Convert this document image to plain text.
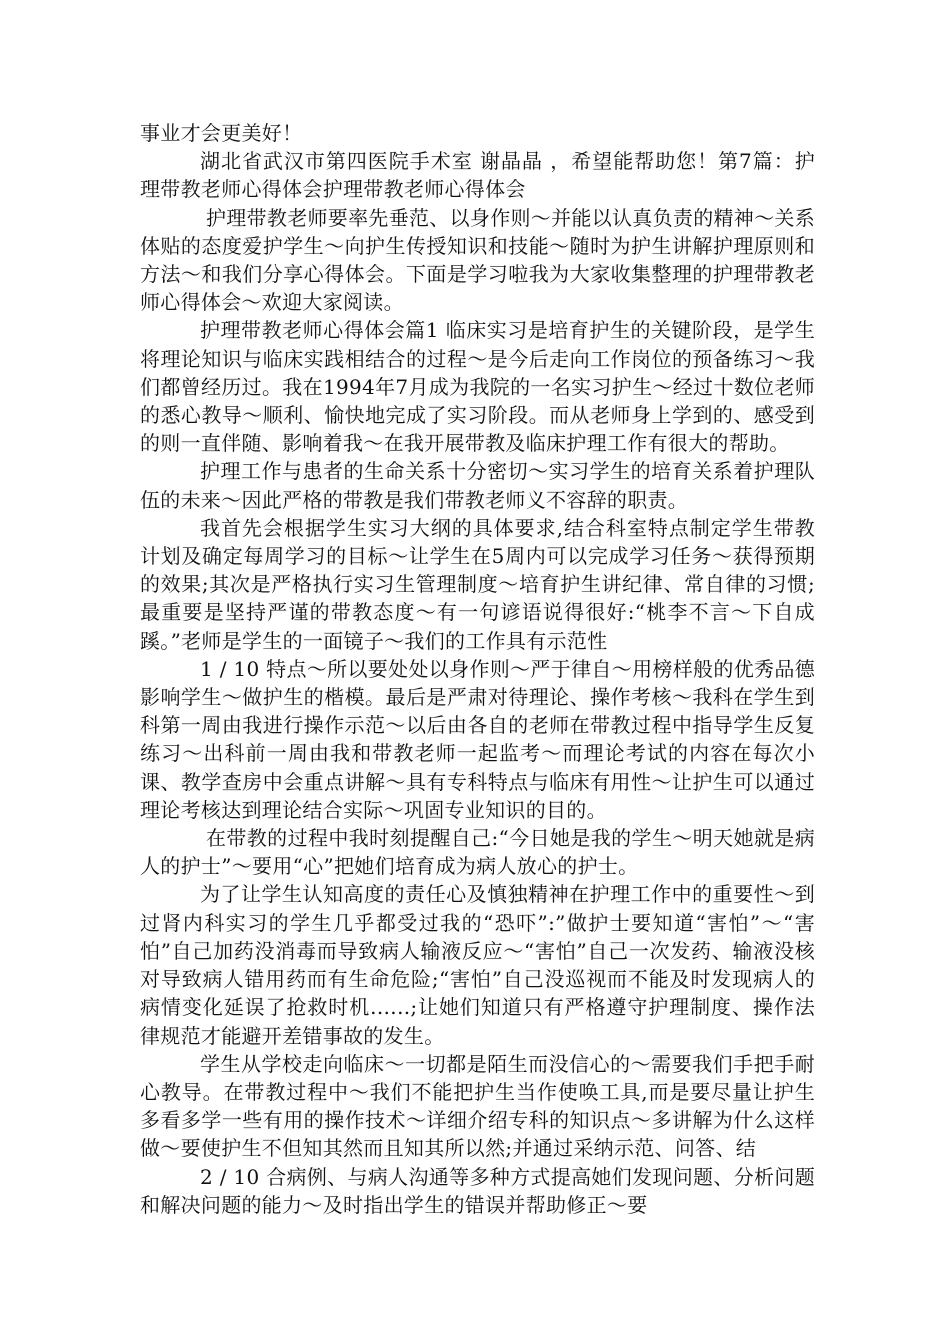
事业才会更美好！

湖北省武汉市第四医院手术室 谢晶晶 ，希望能帮助您！第7篇：护理带教老师心得体会护理带教老师心得体会

护理带教老师要率先垂范、以身作则～并能以认真负责的精神～关系体贴的态度爱护学生～向护生传授知识和技能～随时为护生讲解护理原则和方法～和我们分享心得体会。下面是学习啦我为大家收集整理的护理带教老师心得体会～欢迎大家阅读。

护理带教老师心得体会篇1 临床实习是培育护生的关键阶段，是学生将理论知识与临床实践相结合的过程～是今后走向工作岗位的预备练习～我们都曾经历过。我在1994年7月成为我院的一名实习护生～经过十数位老师的悉心教导～顺利、愉快地完成了实习阶段。而从老师身上学到的、感受到的则一直伴随、影响着我～在我开展带教及临床护理工作有很大的帮助。

护理工作与患者的生命关系十分密切～实习学生的培育关系着护理队伍的未来～因此严格的带教是我们带教老师义不容辞的职责。

我首先会根据学生实习大纲的具体要求,结合科室特点制定学生带教计划及确定每周学习的目标～让学生在5周内可以完成学习任务～获得预期的效果;其次是严格执行实习生管理制度～培育护生讲纪律、常自律的习惯;最重要是坚持严谨的带教态度～有一句谚语说得很好:“桃李不言～下自成蹊。”老师是学生的一面镜子～我们的工作具有示范性

1 / 10 特点～所以要处处以身作则～严于律自～用榜样般的优秀品德影响学生～做护生的楷模。最后是严肃对待理论、操作考核～我科在学生到科第一周由我进行操作示范～以后由各自的老师在带教过程中指导学生反复练习～出科前一周由我和带教老师一起监考～而理论考试的内容在每次小课、教学查房中会重点讲解～具有专科特点与临床有用性～让护生可以通过理论考核达到理论结合实际～巩固专业知识的目的。

在带教的过程中我时刻提醒自己:“今日她是我的学生～明天她就是病人的护士”～要用“心”把她们培育成为病人放心的护士。

为了让学生认知高度的责任心及慎独精神在护理工作中的重要性～到过肾内科实习的学生几乎都受过我的“恐吓”:”做护士要知道“害怕”～“害怕”自己加药没消毒而导致病人输液反应～“害怕”自己一次发药、输液没核对导致病人错用药而有生命危险;“害怕”自己没巡视而不能及时发现病人的病情变化延误了抢救时机.…..;让她们知道只有严格遵守护理制度、操作法律规范才能避开差错事故的发生。

学生从学校走向临床～一切都是陌生而没信心的～需要我们手把手耐心教导。在带教过程中～我们不能把护生当作使唤工具,而是要尽量让护生多看多学一些有用的操作技术～详细介绍专科的知识点～多讲解为什么这样做～要使护生不但知其然而且知其所以然;并通过采纳示范、问答、结

2 / 10 合病例、与病人沟通等多种方式提高她们发现问题、分析问题和解决问题的能力～及时指出学生的错误并帮助修正～要
